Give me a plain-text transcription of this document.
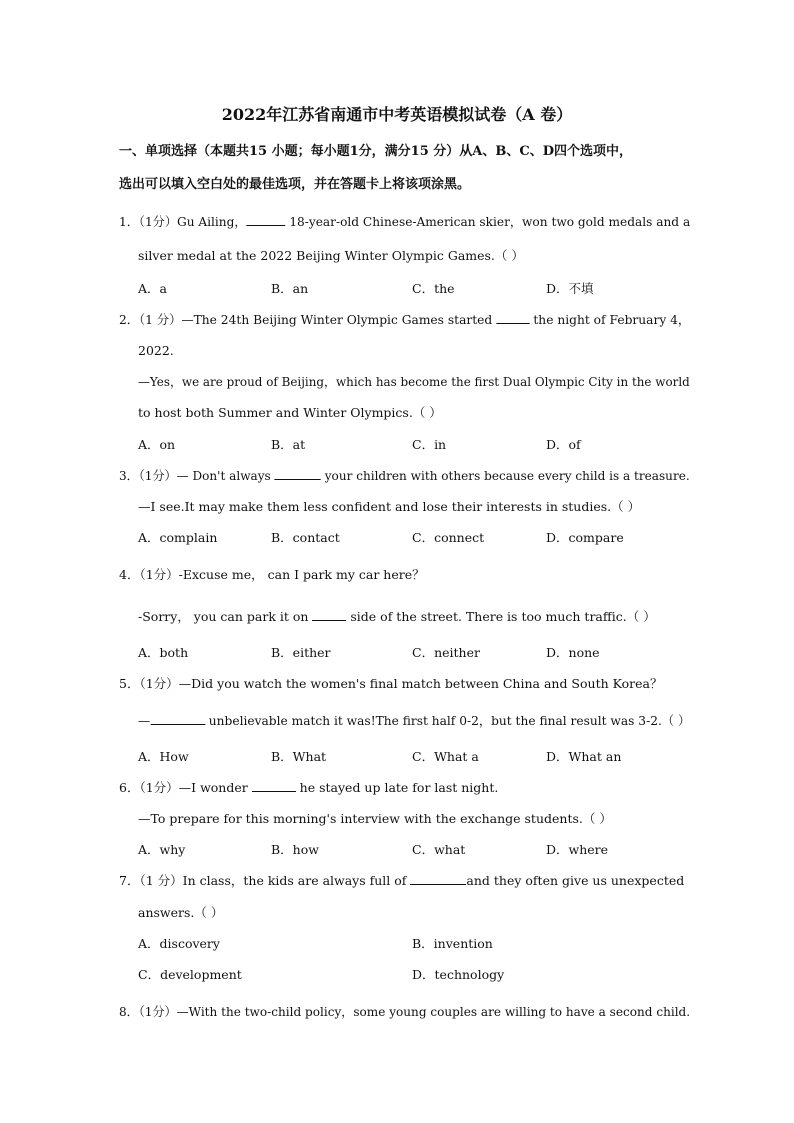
2022年江苏省南通市中考英语模拟试卷（A 卷）
一、单项选择（本题共15 小题；每小题1分，满分15 分）从A、B、C、D四个选项中，
选出可以填入空白处的最佳选项，并在答题卡上将该项涂黑。
1．（1分）Gu Ailing，	18-year-old Chinese-American skier，won two gold medals and a
silver medal at the 2022 Beijing Winter Olympic Games.（ ）
A．a	B．an	C．the	D．不填
2．（1 分）—The 24th Beijing Winter Olympic Games started	the night of February 4，
2022.
—Yes，we are proud of Beijing，which has become the first Dual Olympic City in the world
to host both Summer and Winter Olympics.（ ）
A．on	B．at	C．in	D．of
3．（1分）— Don't always	your children with others because every child is a treasure.
—I see.It may make them less confident and lose their interests in studies.（ ）
A．complain	B．contact	C．connect	D．compare
4．（1分）-Excuse me， can I park my car here？
-Sorry， you can park it on	side of the street. There is too much traffic.（ ）
A．both	B．either	C．neither	D．none
5．（1分）—Did you watch the women's final match between China and South Korea？
—	unbelievable match it was!The first half 0-2，but the final result was 3-2.（ ）
A．How	B．What	C．What a	D．What an
6．（1分）—I wonder	he stayed up late for last night.
—To prepare for this morning's interview with the exchange students.（ ）
A．why	B．how	C．what	D．where
7．（1 分）In class，the kids are always full of	and they often give us unexpected
answers.（ ）
A．discovery	B．invention
C．development	D．technology
8．（1分）—With the two-child policy，some young couples are willing to have a second child.
